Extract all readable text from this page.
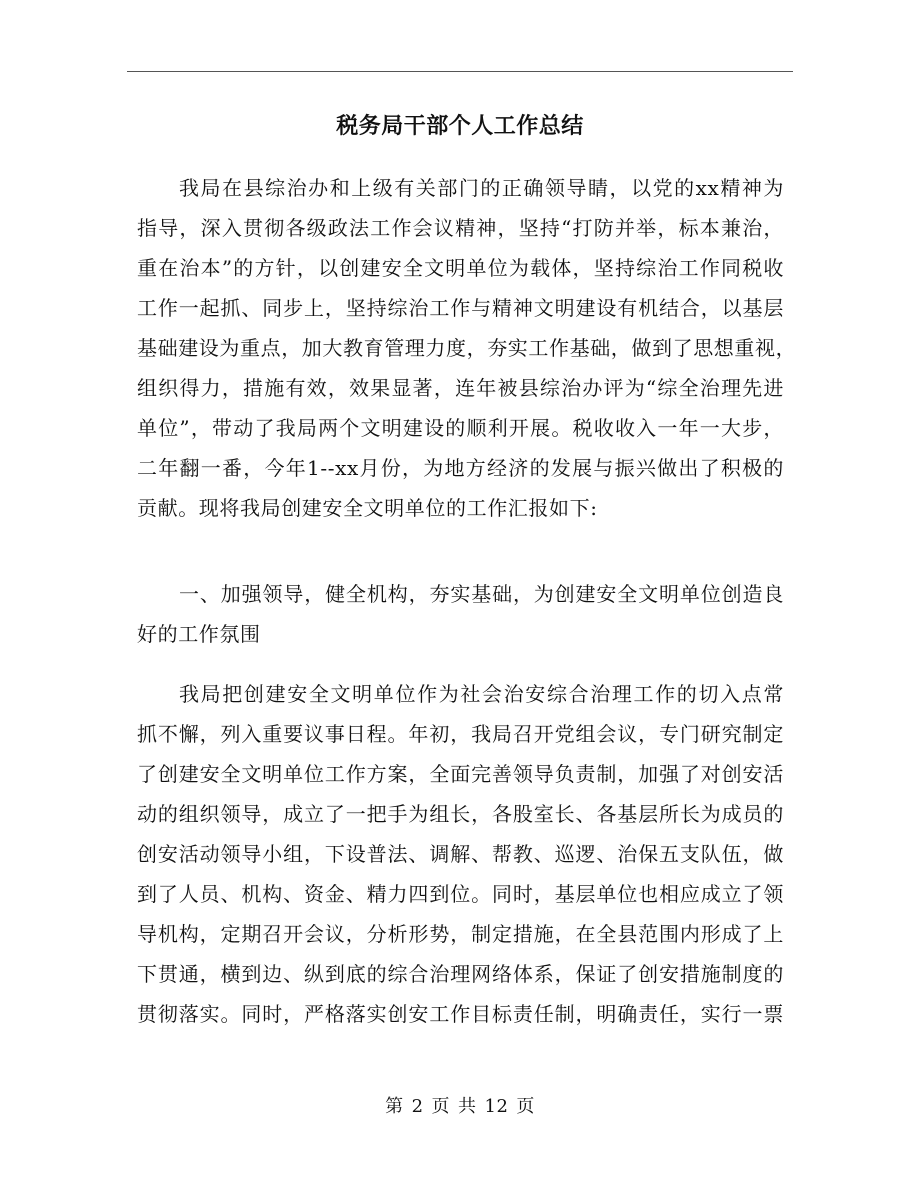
税务局干部个人工作总结
我局在县综治办和上级有关部门的正确领导睛，以党的xx精神为
指导，深入贯彻各级政法工作会议精神，坚持“打防并举，标本兼治，
重在治本”的方针，以创建安全文明单位为载体，坚持综治工作同税收
工作一起抓、同步上，坚持综治工作与精神文明建设有机结合，以基层
基础建设为重点，加大教育管理力度，夯实工作基础，做到了思想重视，
组织得力，措施有效，效果显著，连年被县综治办评为“综全治理先进
单位”，带动了我局两个文明建设的顺利开展。税收收入一年一大步，
二年翻一番，今年1--xx月份，为地方经济的发展与振兴做出了积极的
贡献。现将我局创建安全文明单位的工作汇报如下:
一、加强领导，健全机构，夯实基础，为创建安全文明单位创造良
好的工作氛围
我局把创建安全文明单位作为社会治安综合治理工作的切入点常
抓不懈，列入重要议事日程。年初，我局召开党组会议，专门研究制定
了创建安全文明单位工作方案，全面完善领导负责制，加强了对创安活
动的组织领导，成立了一把手为组长，各股室长、各基层所长为成员的
创安活动领导小组，下设普法、调解、帮教、巡逻、治保五支队伍，做
到了人员、机构、资金、精力四到位。同时，基层单位也相应成立了领
导机构，定期召开会议，分析形势，制定措施，在全县范围内形成了上
下贯通，横到边、纵到底的综合治理网络体系，保证了创安措施制度的
贯彻落实。同时，严格落实创安工作目标责任制，明确责任，实行一票
第 2 页 共 12 页
